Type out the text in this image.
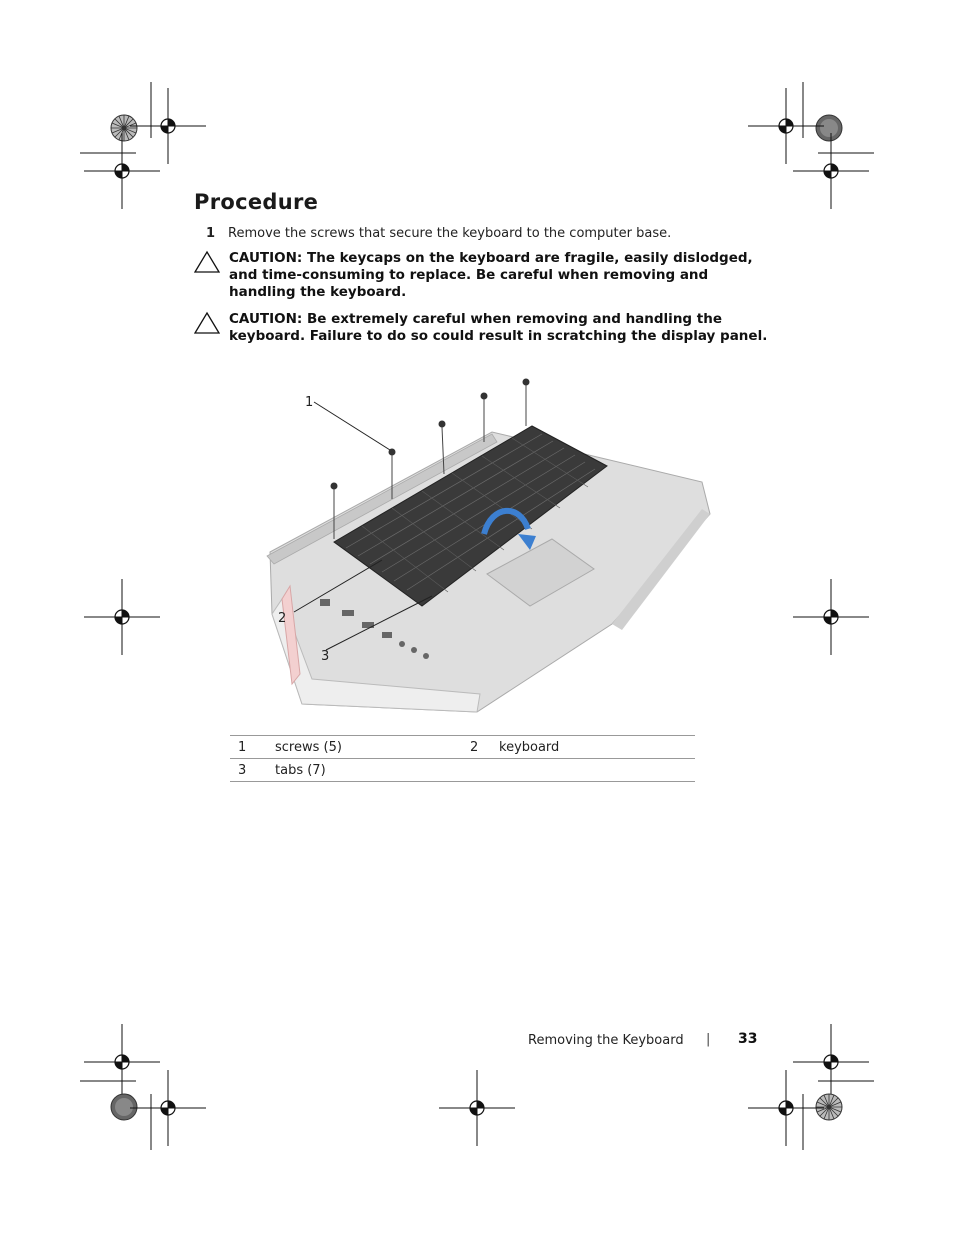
Procedure
1 Remove the screws that secure the keyboard to the computer base.
CAUTION: The keycaps on the keyboard are fragile, easily dislodged,
and time-consuming to replace. Be careful when removing and
handling the keyboard.
CAUTION: Be extremely careful when removing and handling the
keyboard. Failure to do so could result in scratching the display panel.
1
2
3
1	screws (5)	2	keyboard
3	tabs (7)		
Removing the Keyboard | 33
